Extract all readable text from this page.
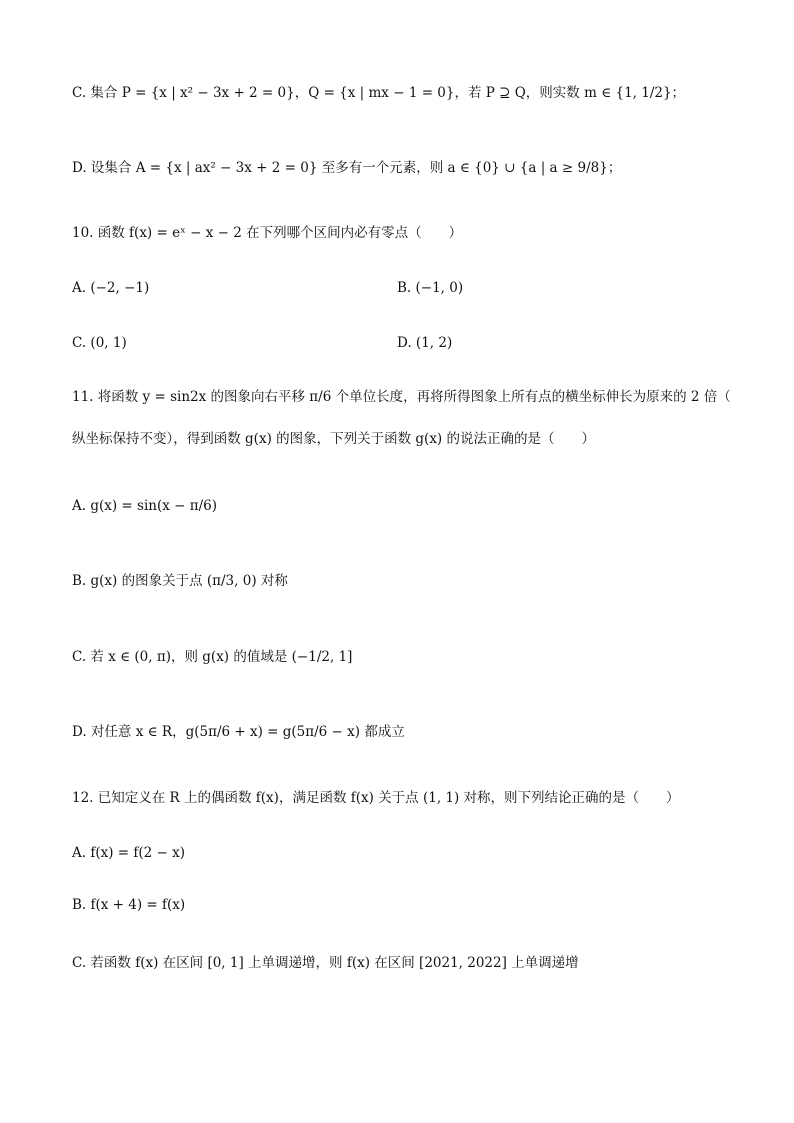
C. 集合 P = {x | x² − 3x + 2 = 0}，Q = {x | mx − 1 = 0}，若 P ⊇ Q，则实数 m ∈ {1, 1/2}；
D. 设集合 A = {x | ax² − 3x + 2 = 0} 至多有一个元素，则 a ∈ {0} ∪ {a | a ≥ 9/8}；
10. 函数 f(x) = eˣ − x − 2 在下列哪个区间内必有零点（　　）
A. (−2, −1)	B. (−1, 0)
C. (0, 1)	D. (1, 2)
11. 将函数 y = sin2x 的图象向右平移 π/6 个单位长度，再将所得图象上所有点的横坐标伸长为原来的 2 倍（
纵坐标保持不变），得到函数 g(x) 的图象，下列关于函数 g(x) 的说法正确的是（　　）
A. g(x) = sin(x − π/6)
B. g(x) 的图象关于点 (π/3, 0) 对称
C. 若 x ∈ (0, π)，则 g(x) 的值域是 (−1/2, 1]
D. 对任意 x ∈ R，g(5π/6 + x) = g(5π/6 − x) 都成立
12. 已知定义在 R 上的偶函数 f(x)，满足函数 f(x) 关于点 (1, 1) 对称，则下列结论正确的是（　　）
A. f(x) = f(2 − x)
B. f(x + 4) = f(x)
C. 若函数 f(x) 在区间 [0, 1] 上单调递增，则 f(x) 在区间 [2021, 2022] 上单调递增
